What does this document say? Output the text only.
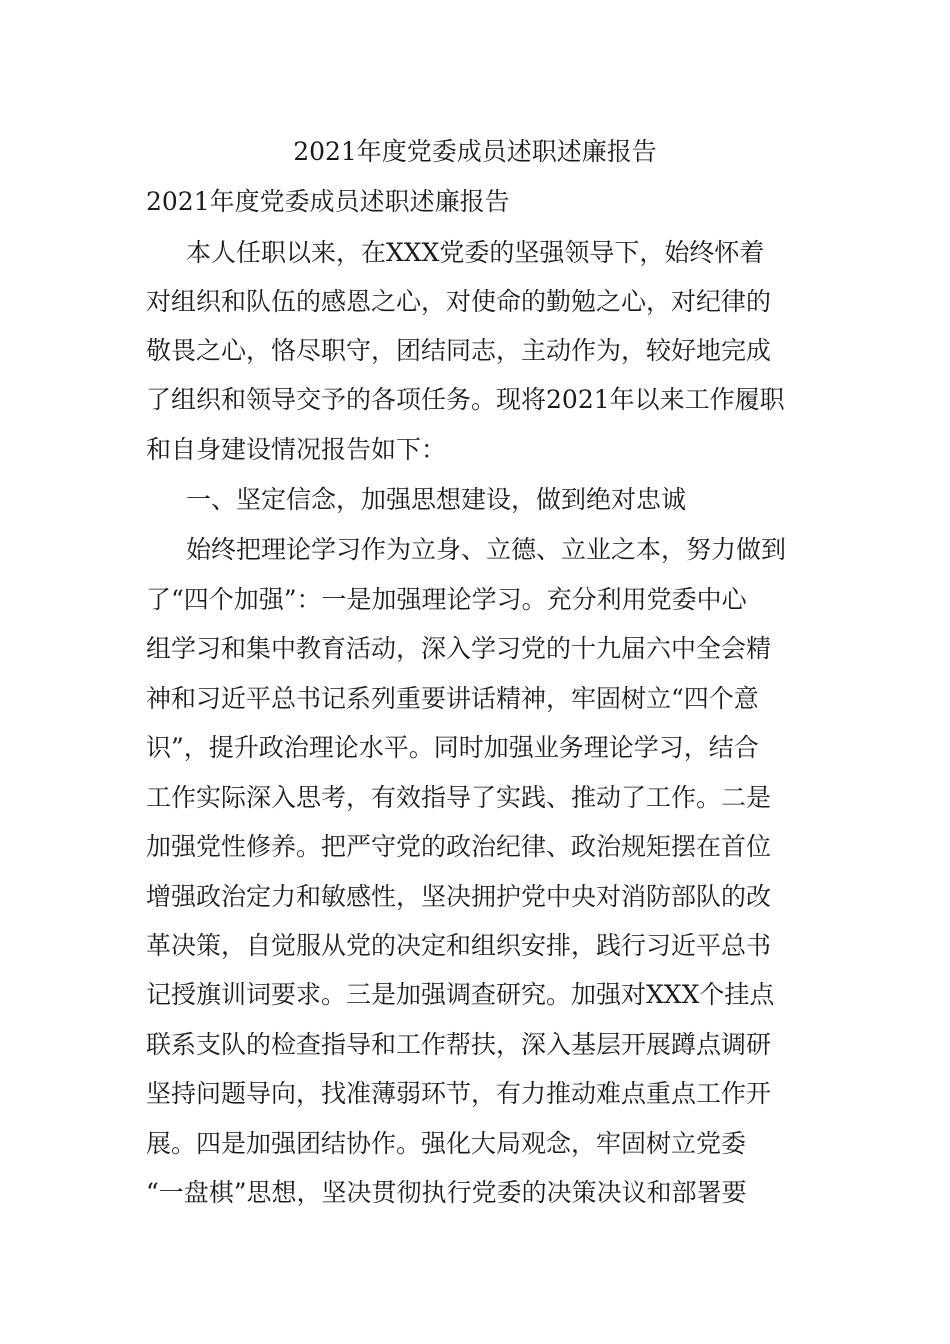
2021年度党委成员述职述廉报告
2021年度党委成员述职述廉报告
本人任职以来，在XXX党委的坚强领导下，始终怀着
对组织和队伍的感恩之心，对使命的勤勉之心，对纪律的
敬畏之心，恪尽职守，团结同志，主动作为，较好地完成
了组织和领导交予的各项任务。现将2021年以来工作履职
和自身建设情况报告如下：
一、坚定信念，加强思想建设，做到绝对忠诚
始终把理论学习作为立身、立德、立业之本，努力做到
了“四个加强”：一是加强理论学习。充分利用党委中心
组学习和集中教育活动，深入学习党的十九届六中全会精
神和习近平总书记系列重要讲话精神，牢固树立“四个意
识”，提升政治理论水平。同时加强业务理论学习，结合
工作实际深入思考，有效指导了实践、推动了工作。二是
加强党性修养。把严守党的政治纪律、政治规矩摆在首位
增强政治定力和敏感性，坚决拥护党中央对消防部队的改
革决策，自觉服从党的决定和组织安排，践行习近平总书
记授旗训词要求。三是加强调查研究。加强对XXX个挂点
联系支队的检查指导和工作帮扶，深入基层开展蹲点调研
坚持问题导向，找准薄弱环节，有力推动难点重点工作开
展。四是加强团结协作。强化大局观念，牢固树立党委
“一盘棋”思想，坚决贯彻执行党委的决策决议和部署要
